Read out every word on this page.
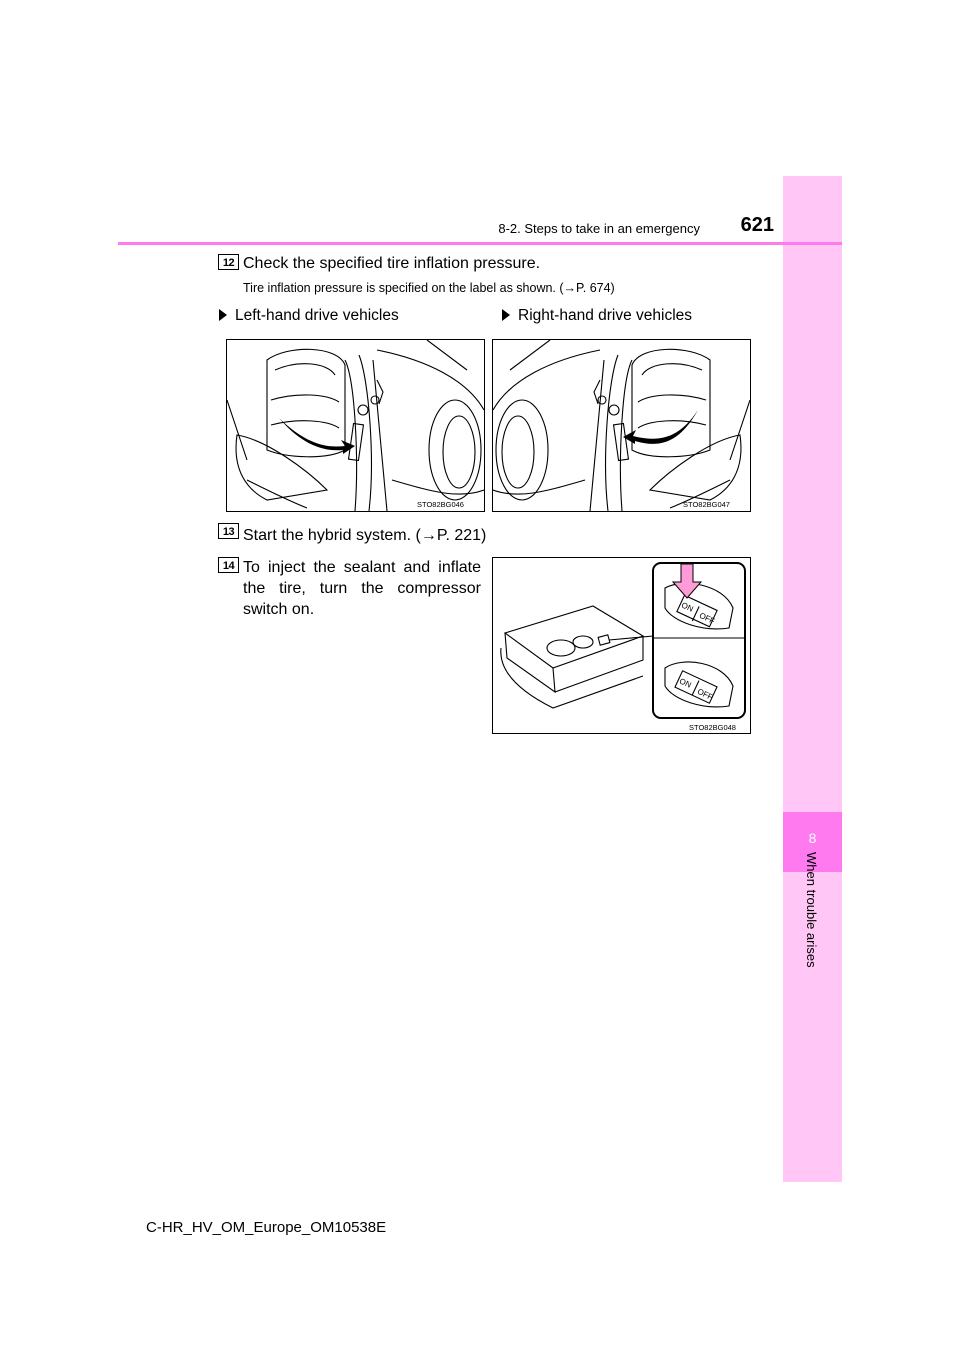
8
When trouble arises
8-2. Steps to take in an emergency	621
12 Check the specified tire inflation pressure.
Tire inflation pressure is specified on the label as shown. (→P. 674)
Left-hand drive vehicles	Right-hand drive vehicles
STO82BG046	STO82BG047
13 Start the hybrid system. (→P. 221)
14 To inject the sealant and inflate
the tire, turn the compressor
switch on.	ON
OFF
ON
OFF
STO82BG048
C-HR_HV_OM_Europe_OM10538E
